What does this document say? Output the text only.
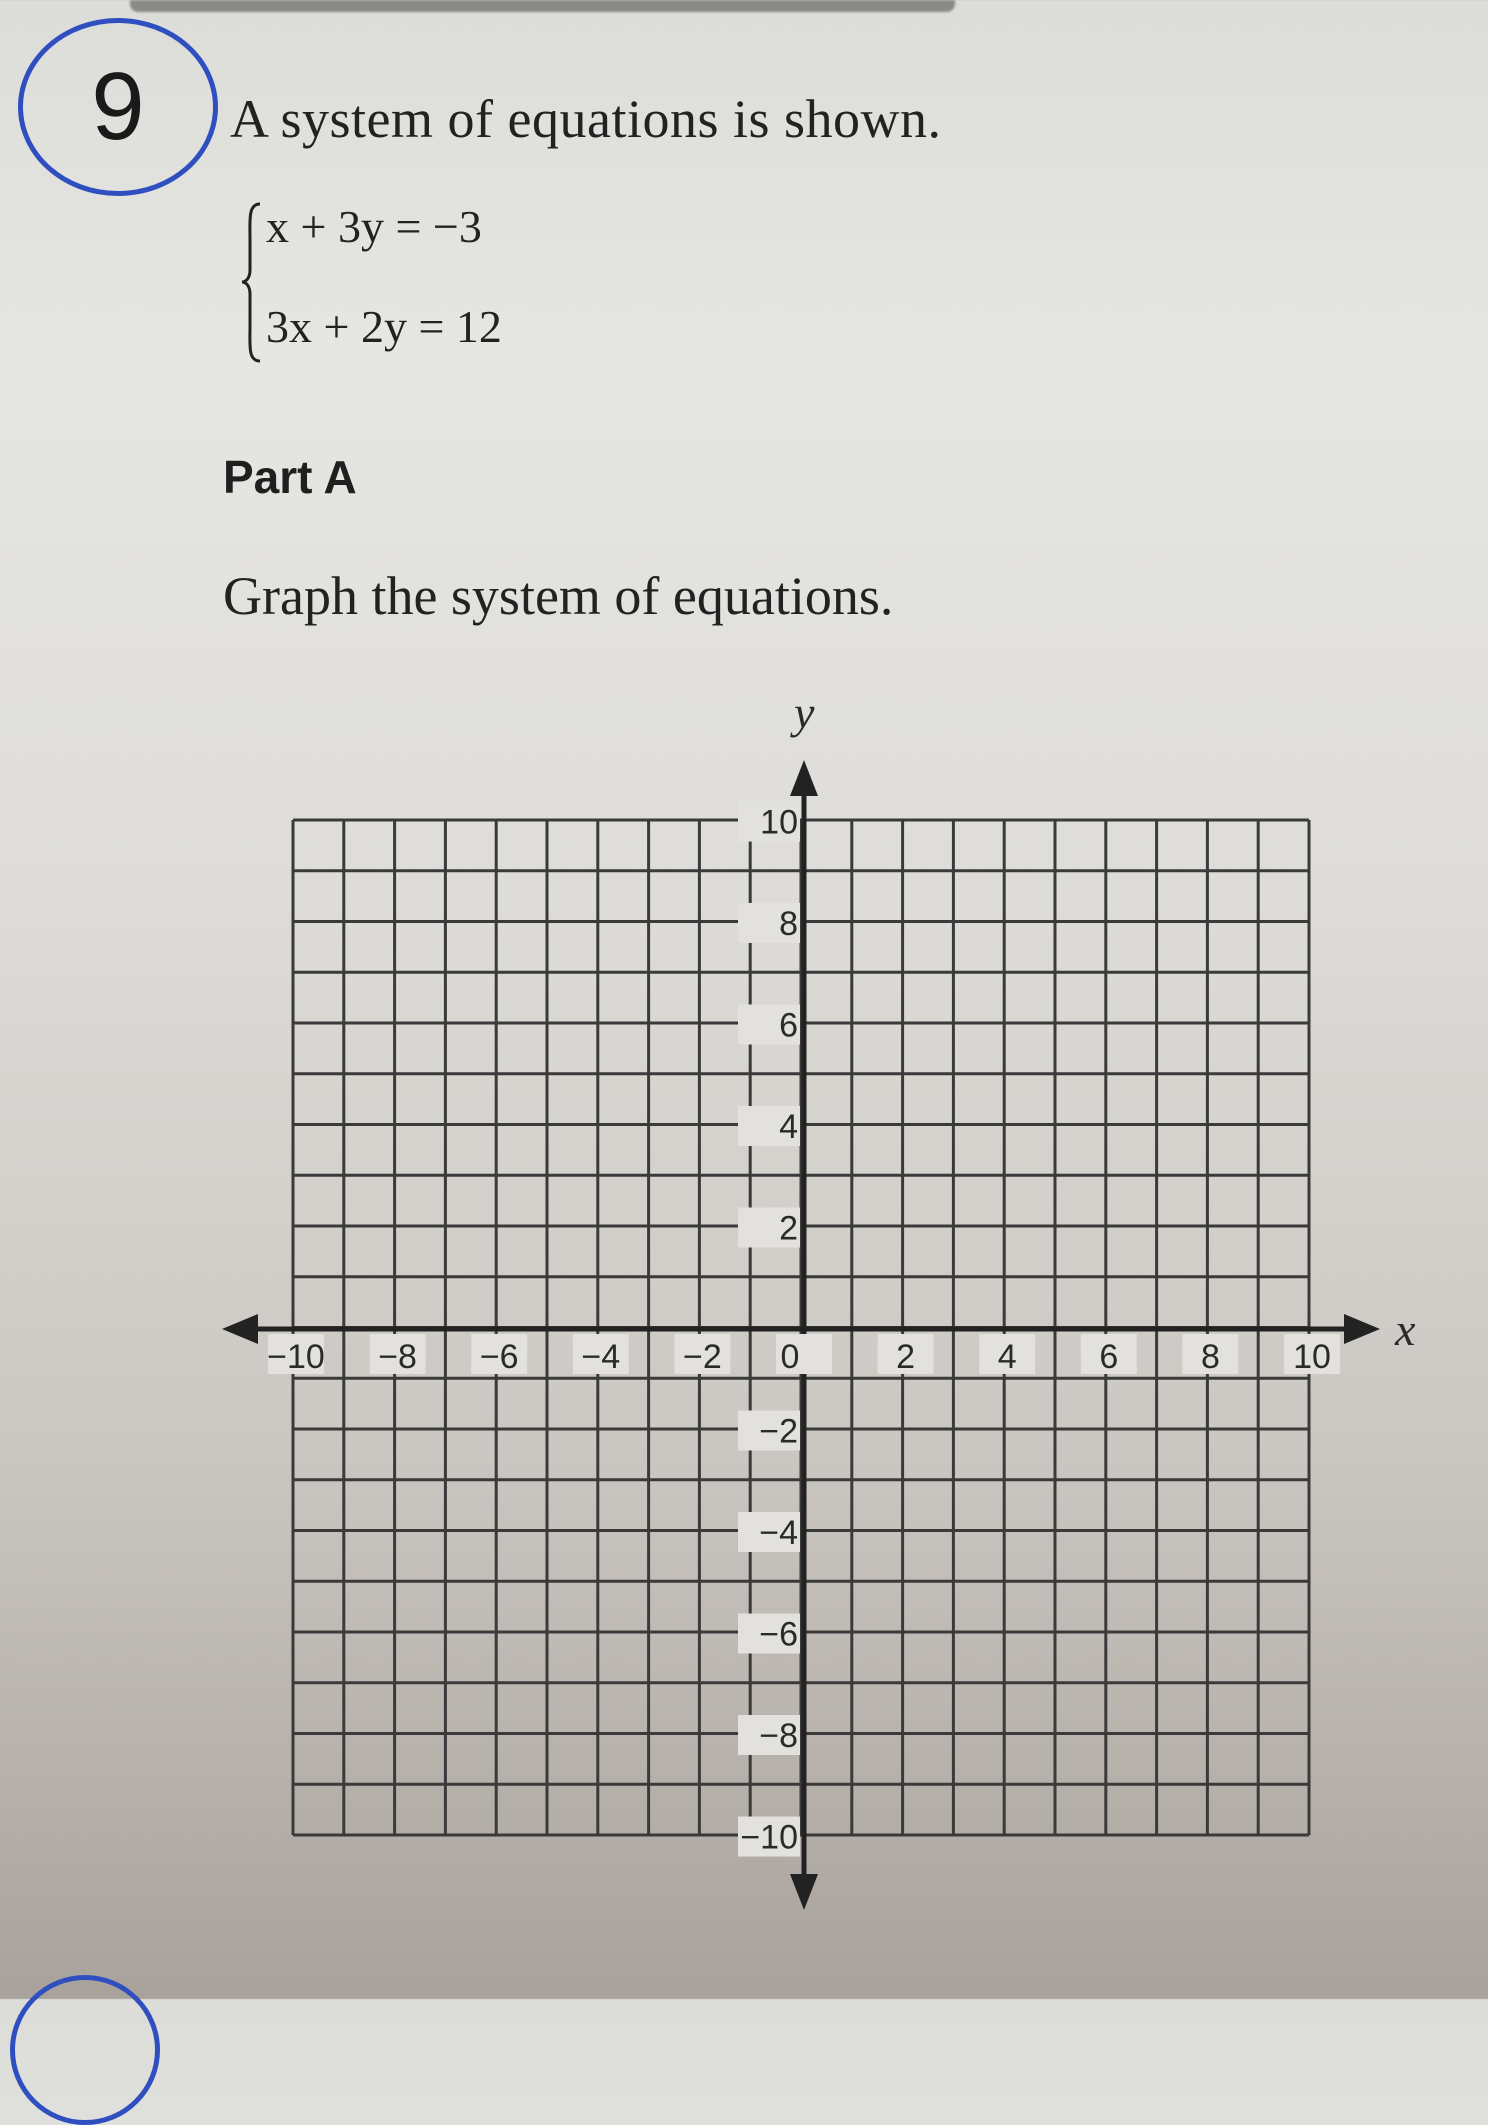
9 A system of equations is shown.
x + 3y = −3
3x + 2y = 12
Part A
Graph the system of equations.
−10 −8 −6 −4 −2 0	2 4 6 8 10
10
8
6
4
2
−2
−4
−6
−8
−10
x
y
